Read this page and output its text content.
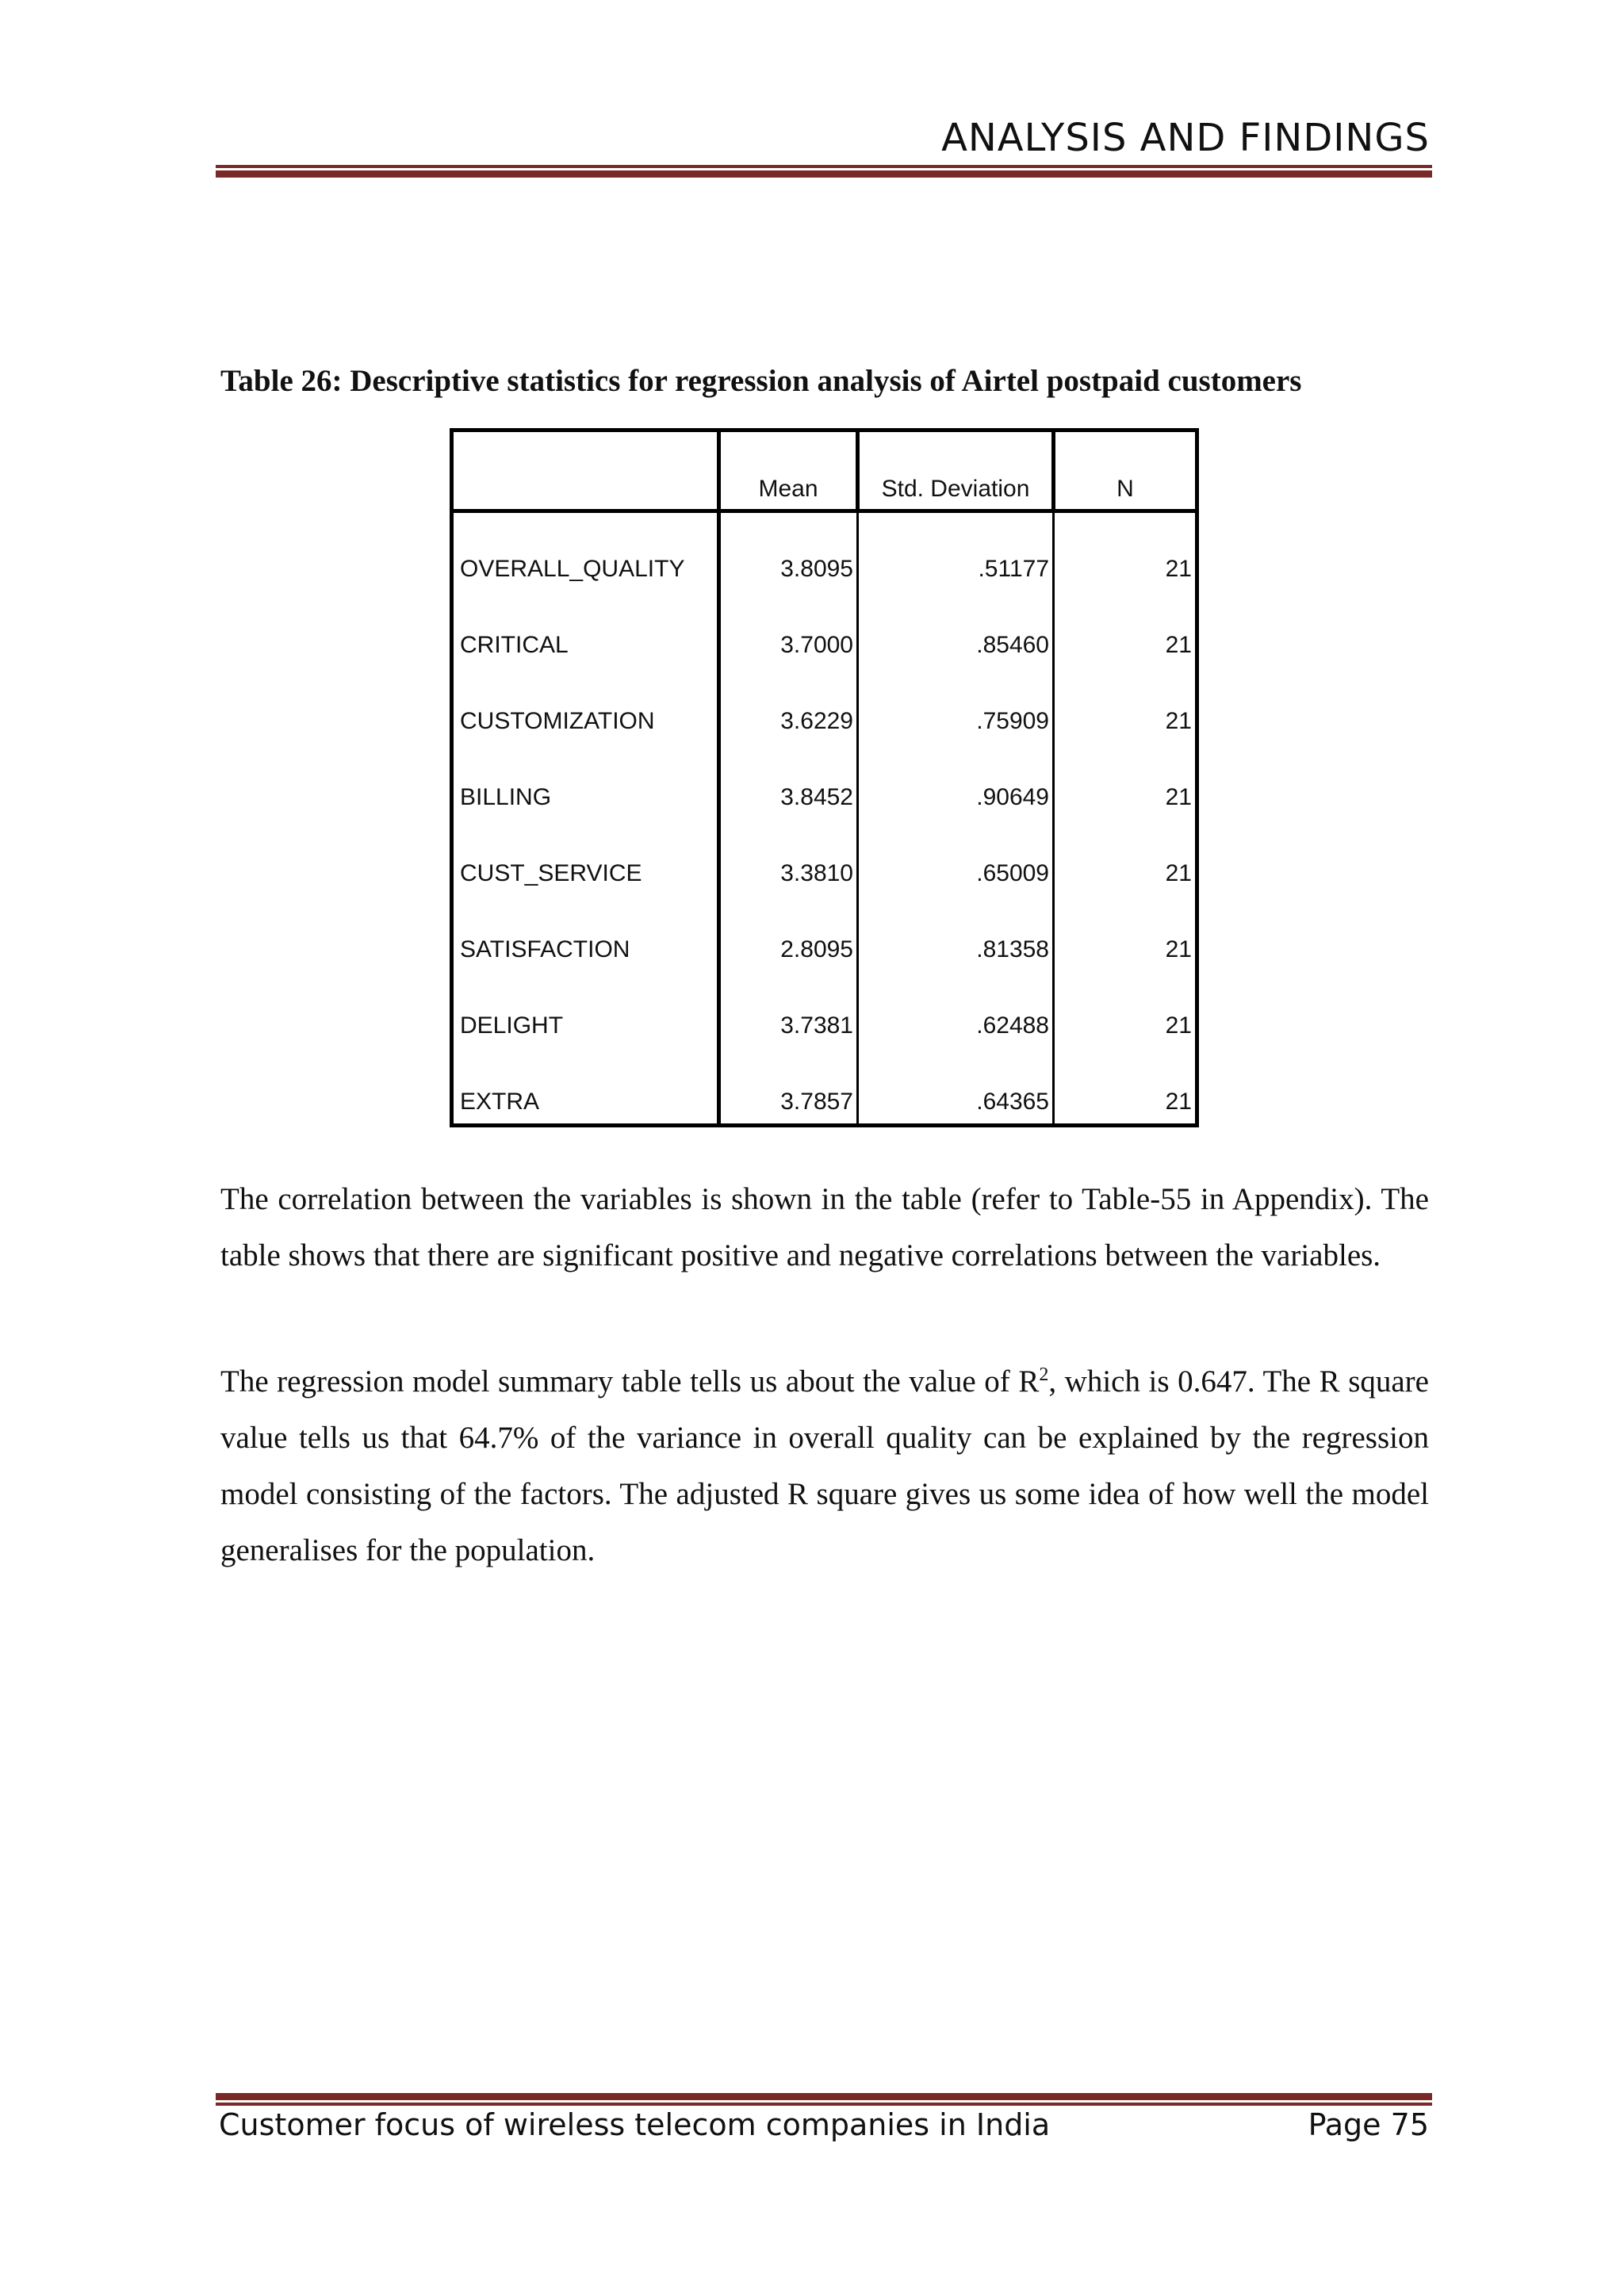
ANALYSIS AND FINDINGS
Table 26: Descriptive statistics for regression analysis of Airtel postpaid customers
	Mean	Std. Deviation	N
OVERALL_QUALITY	3.8095	.51177	21
CRITICAL	3.7000	.85460	21
CUSTOMIZATION	3.6229	.75909	21
BILLING	3.8452	.90649	21
CUST_SERVICE	3.3810	.65009	21
SATISFACTION	2.8095	.81358	21
DELIGHT	3.7381	.62488	21
EXTRA	3.7857	.64365	21

The correlation between the variables is shown in the table (refer to Table-55 in Appendix). The table shows that there are significant positive and negative correlations between the variables.

The regression model summary table tells us about the value of $R^2$, which is 0.647. The R square value tells us that 64.7% of the variance in overall quality can be explained by the regression model consisting of the factors. The adjusted R square gives us some idea of how well the model generalises for the population.

Customer focus of wireless telecom companies in India	Page 75
